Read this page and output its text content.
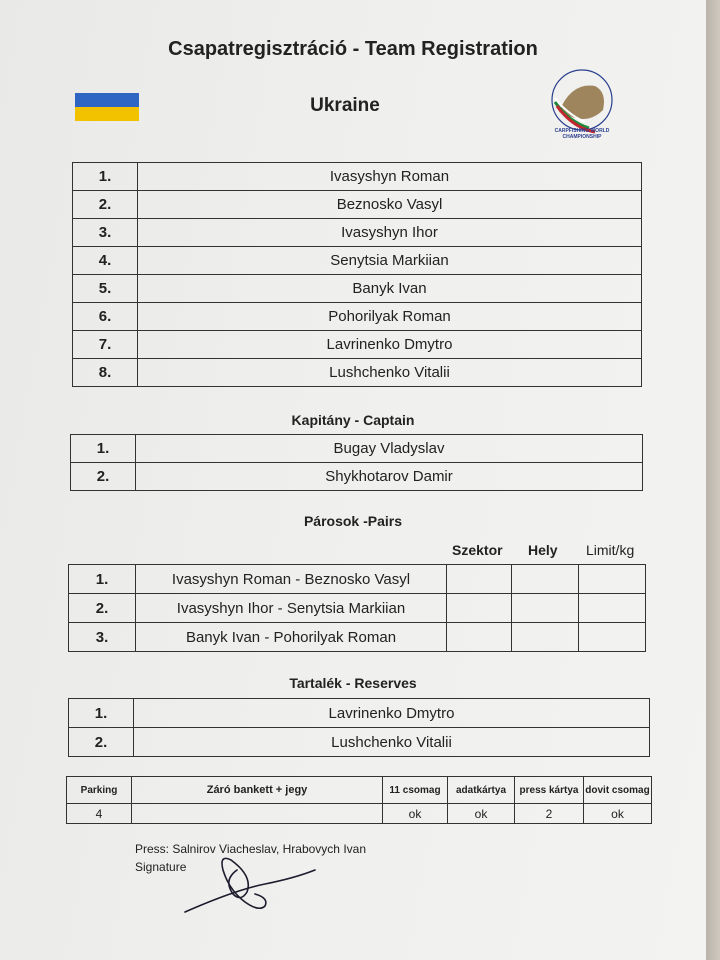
Csapatregisztráció - Team Registration
Ukraine
CARPFISHING WORLD CHAMPIONSHIP
1.	Ivasyshyn Roman
2.	Beznosko Vasyl
3.	Ivasyshyn Ihor
4.	Senytsia Markiian
5.	Banyk Ivan
6.	Pohorilyak Roman
7.	Lavrinenko Dmytro
8.	Lushchenko Vitalii
Kapitány - Captain
1.	Bugay Vladyslav
2.	Shykhotarov Damir
Párosok -Pairs
Szektor Hely Limit/kg
1.	Ivasyshyn Roman - Beznosko Vasyl			
2.	Ivasyshyn Ihor - Senytsia Markiian			
3.	Banyk Ivan - Pohorilyak Roman			
Tartalék - Reserves
1.	Lavrinenko Dmytro
2.	Lushchenko Vitalii
Parking	Záró bankett + jegy	11 csomag	adatkártya	press kártya	dovit csomag
4		ok	ok	2	ok
Press: Salnirov Viacheslav, Hrabovych Ivan
Signature
